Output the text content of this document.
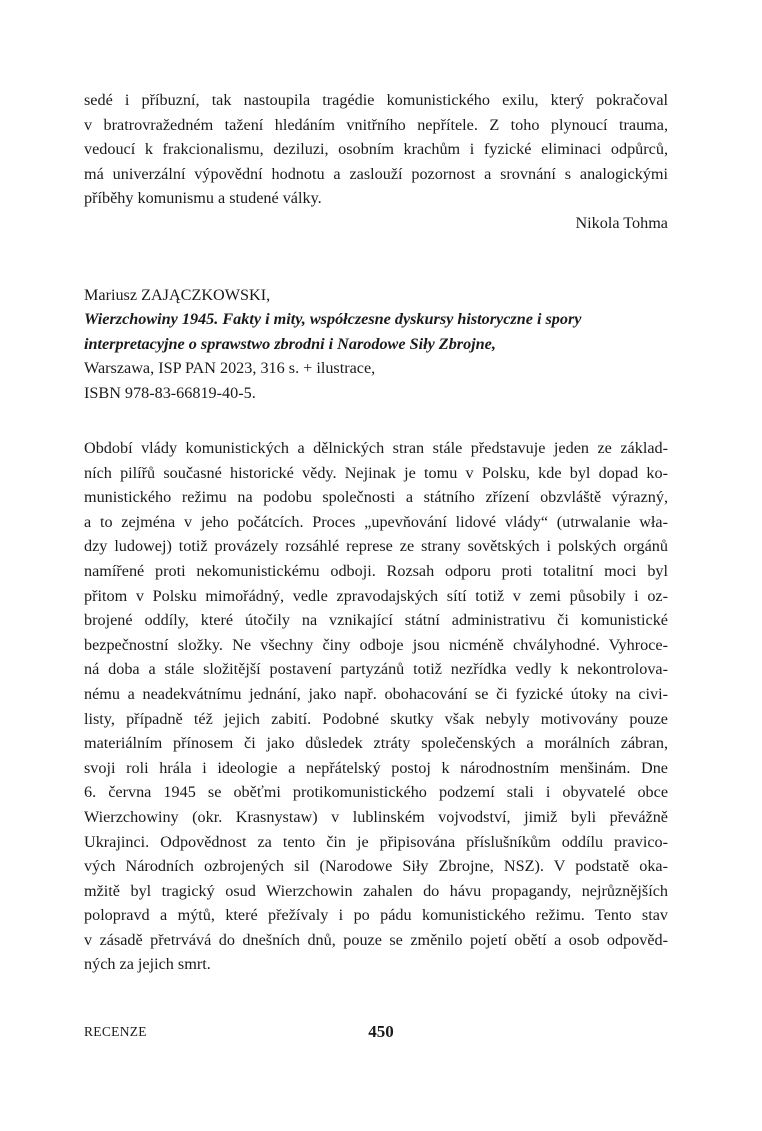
sedé i příbuzní, tak nastoupila tragédie komunistického exilu, který pokračoval
v bratrovražedném tažení hledáním vnitřního nepřítele. Z toho plynoucí trauma,
vedoucí k frakcionalismu, deziluzi, osobním krachům i fyzické eliminaci odpůrců,
má univerzální výpovědní hodnotu a zaslouží pozornost a srovnání s analogickými
příběhy komunismu a studené války.
Nikola Tohma
Mariusz ZAJĄCZKOWSKI,
Wierzchowiny 1945. Fakty i mity, współczesne dyskursy historyczne i spory
interpretacyjne o sprawstwo zbrodni i Narodowe Siły Zbrojne,
Warszawa, ISP PAN 2023, 316 s. + ilustrace,
ISBN 978-83-66819-40-5.
Období vlády komunistických a dělnických stran stále představuje jeden ze základ-
ních pilířů současné historické vědy. Nejinak je tomu v Polsku, kde byl dopad ko-
munistického režimu na podobu společnosti a státního zřízení obzvláště výrazný,
a to zejména v jeho počátcích. Proces „upevňování lidové vlády“ (utrwalanie wła-
dzy ludowej) totiž provázely rozsáhlé represe ze strany sovětských i polských orgánů
namířené proti nekomunistickému odboji. Rozsah odporu proti totalitní moci byl
přitom v Polsku mimořádný, vedle zpravodajských sítí totiž v zemi působily i oz-
brojené oddíly, které útočily na vznikající státní administrativu či komunistické
bezpečnostní složky. Ne všechny činy odboje jsou nicméně chvályhodné. Vyhroce-
ná doba a stále složitější postavení partyzánů totiž nezřídka vedly k nekontrolova-
nému a neadekvátnímu jednání, jako např. obohacování se či fyzické útoky na civi-
listy, případně též jejich zabití. Podobné skutky však nebyly motivovány pouze
materiálním přínosem či jako důsledek ztráty společenských a morálních zábran,
svoji roli hrála i ideologie a nepřátelský postoj k národnostním menšinám. Dne
6. června 1945 se oběťmi protikomunistického podzemí stali i obyvatelé obce
Wierzchowiny (okr. Krasnystaw) v lublinském vojvodství, jimiž byli převážně
Ukrajinci. Odpovědnost za tento čin je připisována příslušníkům oddílu pravico-
vých Národních ozbrojených sil (Narodowe Siły Zbrojne, NSZ). V podstatě oka-
mžitě byl tragický osud Wierzchowin zahalen do hávu propagandy, nejrůznějších
polopravd a mýtů, které přežívaly i po pádu komunistického režimu. Tento stav
v zásadě přetrvává do dnešních dnů, pouze se změnilo pojetí obětí a osob odpověd-
ných za jejich smrt.
RECENZE	450
